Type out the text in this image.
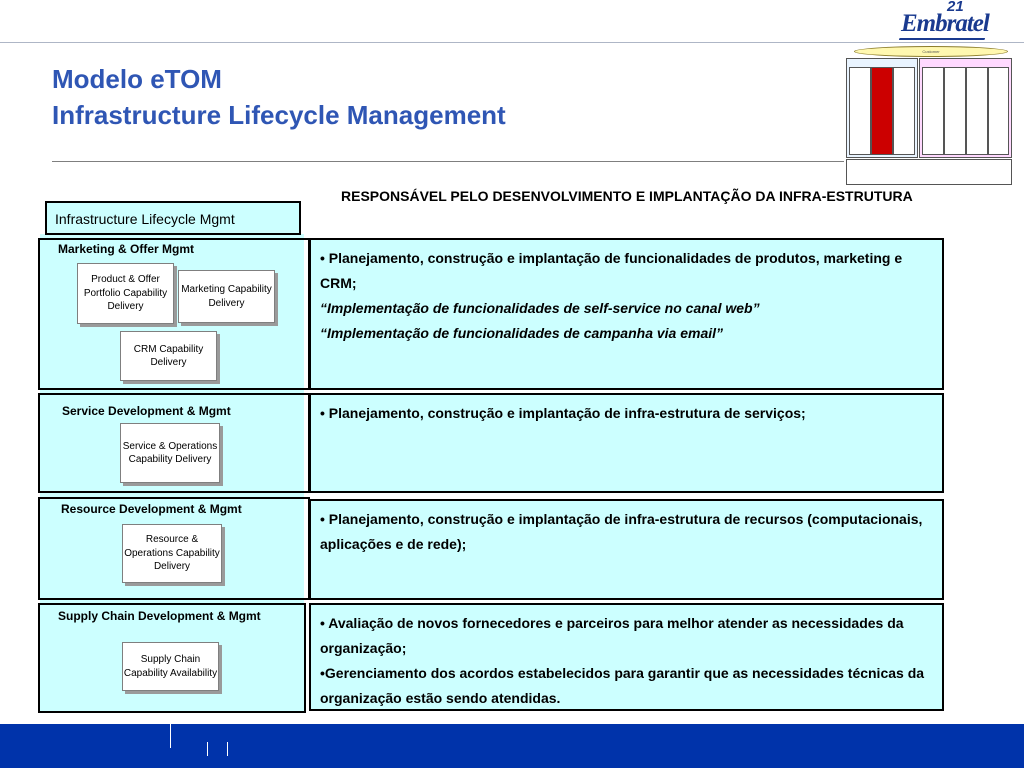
21
Embratel
Modelo eTOM
Infrastructure Lifecycle Management
Customer
RESPONSÁVEL PELO DESENVOLVIMENTO E IMPLANTAÇÃO DA INFRA-ESTRUTURA
Infrastructure Lifecycle Mgmt
Marketing & Offer Mgmt
Product & Offer Portfolio Capability Delivery
Marketing Capability Delivery
CRM Capability Delivery
Service Development & Mgmt
Service & Operations Capability Delivery
Resource Development & Mgmt
Resource & Operations Capability Delivery
Supply Chain Development & Mgmt
Supply Chain Capability Availability

• Planejamento, construção e implantação de funcionalidades de produtos, marketing e CRM;

“Implementação de funcionalidades de self-service no canal web”

“Implementação de funcionalidades de campanha via email”

• Planejamento, construção e implantação de infra-estrutura de serviços;

• Planejamento, construção e implantação de infra-estrutura de recursos (computacionais, aplicações e de rede);

• Avaliação de novos fornecedores e parceiros para melhor atender as necessidades da organização;

•Gerenciamento dos acordos estabelecidos para garantir que as necessidades técnicas da organização estão sendo atendidas.
